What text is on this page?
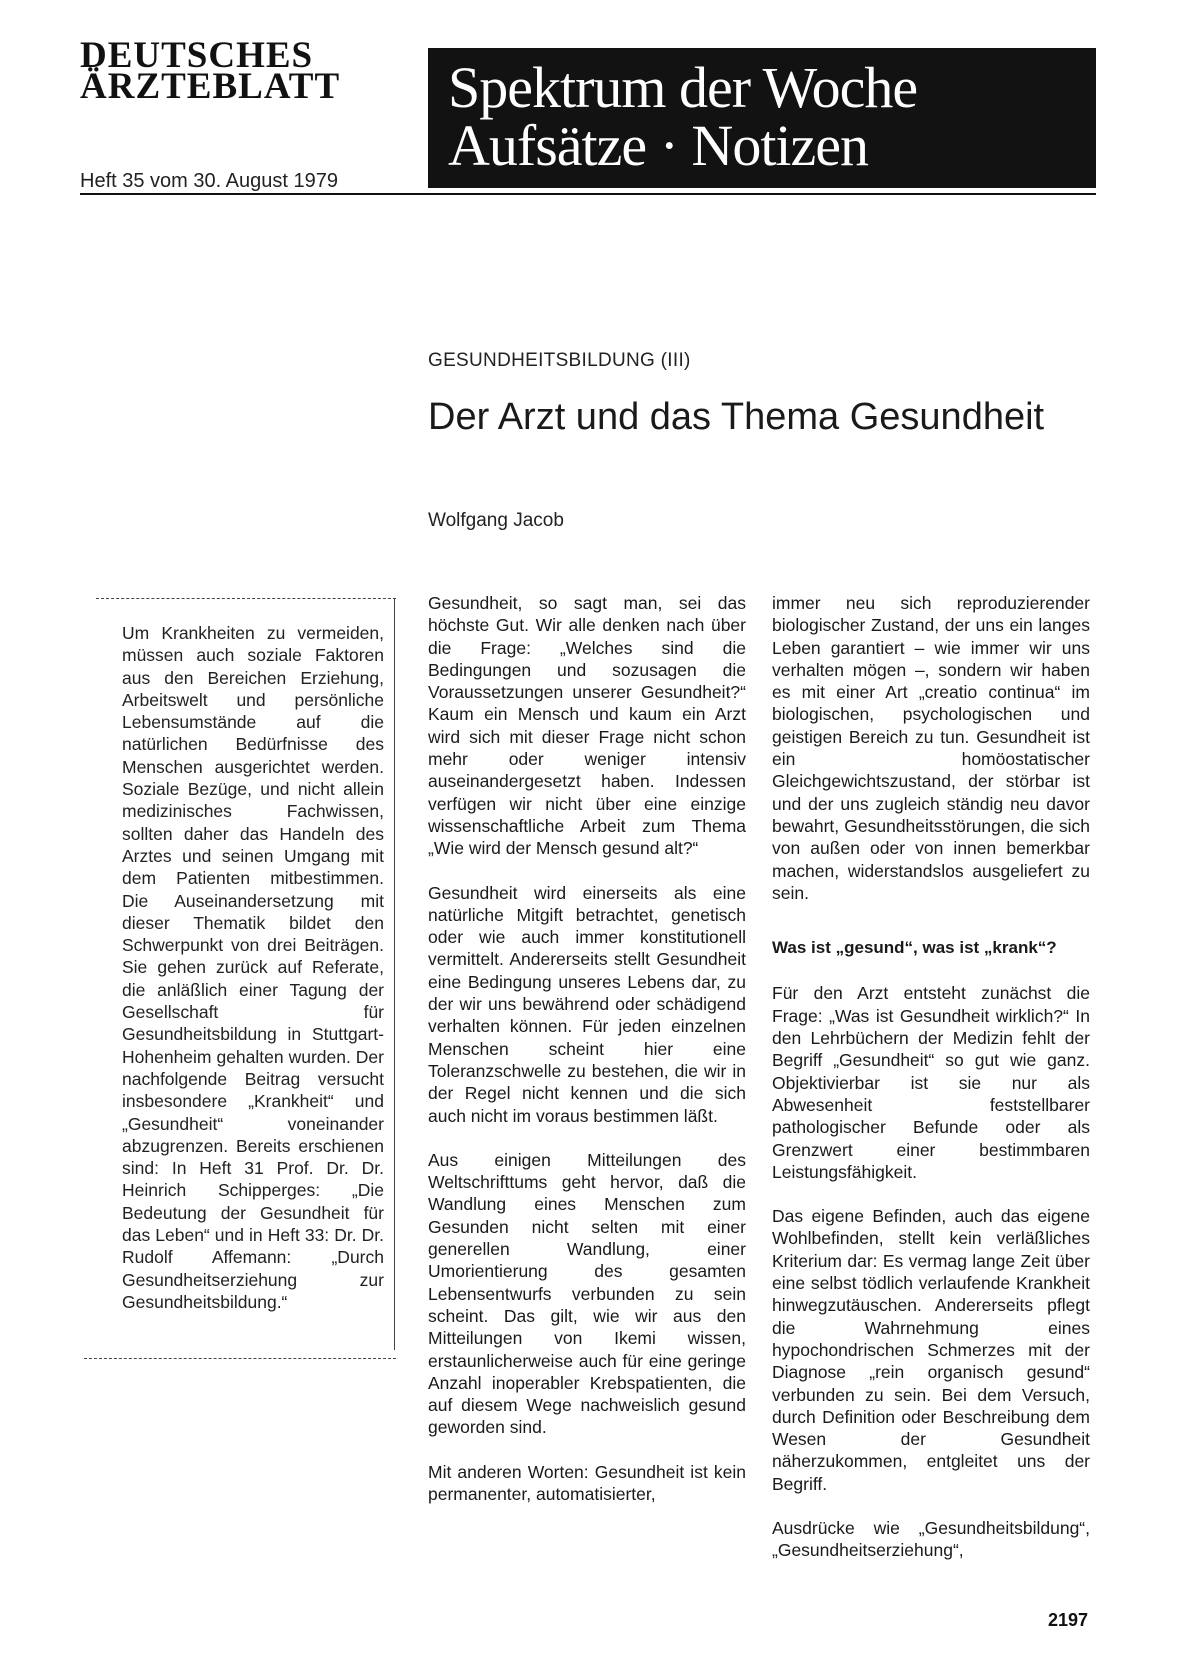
DEUTSCHES
ÄRZTEBLATT
Heft 35 vom 30. August 1979
Spektrum der Woche
Aufsätze · Notizen
GESUNDHEITSBILDUNG (III)
Der Arzt und das Thema Gesundheit
Wolfgang Jacob

Um Krankheiten zu vermeiden, müssen auch soziale Faktoren aus den Bereichen Erziehung, Arbeitswelt und persönliche Lebensumstände auf die natürlichen Bedürfnisse des Menschen ausgerichtet werden. Soziale Bezüge, und nicht allein medizinisches Fachwissen, sollten daher das Handeln des Arztes und seinen Umgang mit dem Patienten mitbestimmen. Die Auseinandersetzung mit dieser Thematik bildet den Schwerpunkt von drei Beiträgen. Sie gehen zurück auf Referate, die anläßlich einer Tagung der Gesellschaft für Gesundheitsbildung in Stuttgart-Hohenheim gehalten wurden. Der nachfolgende Beitrag versucht insbesondere „Krankheit“ und „Gesundheit“ voneinander abzugrenzen. Bereits erschienen sind: In Heft 31 Prof. Dr. Dr. Heinrich Schipperges: „Die Bedeutung der Gesundheit für das Leben“ und in Heft 33: Dr. Dr. Rudolf Affemann: „Durch Gesundheitserziehung zur Gesundheitsbildung.“

Gesundheit, so sagt man, sei das höchste Gut. Wir alle denken nach über die Frage: „Welches sind die Bedingungen und sozusagen die Voraussetzungen unserer Gesundheit?“ Kaum ein Mensch und kaum ein Arzt wird sich mit dieser Frage nicht schon mehr oder weniger intensiv auseinandergesetzt haben. Indessen verfügen wir nicht über eine einzige wissenschaftliche Arbeit zum Thema „Wie wird der Mensch gesund alt?“

Gesundheit wird einerseits als eine natürliche Mitgift betrachtet, genetisch oder wie auch immer konstitutionell vermittelt. Andererseits stellt Gesundheit eine Bedingung unseres Lebens dar, zu der wir uns bewährend oder schädigend verhalten können. Für jeden einzelnen Menschen scheint hier eine Toleranzschwelle zu bestehen, die wir in der Regel nicht kennen und die sich auch nicht im voraus bestimmen läßt.

Aus einigen Mitteilungen des Weltschrifttums geht hervor, daß die Wandlung eines Menschen zum Gesunden nicht selten mit einer generellen Wandlung, einer Umorientierung des gesamten Lebensentwurfs verbunden zu sein scheint. Das gilt, wie wir aus den Mitteilungen von Ikemi wissen, erstaunlicherweise auch für eine geringe Anzahl inoperabler Krebspatienten, die auf diesem Wege nachweislich gesund geworden sind.

Mit anderen Worten: Gesundheit ist kein permanenter, automatisierter,

immer neu sich reproduzierender biologischer Zustand, der uns ein langes Leben garantiert – wie immer wir uns verhalten mögen –, sondern wir haben es mit einer Art „creatio continua“ im biologischen, psychologischen und geistigen Bereich zu tun. Gesundheit ist ein homöostatischer Gleichgewichtszustand, der störbar ist und der uns zugleich ständig neu davor bewahrt, Gesundheitsstörungen, die sich von außen oder von innen bemerkbar machen, widerstandslos ausgeliefert zu sein.

Was ist „gesund“, was ist „krank“?

Für den Arzt entsteht zunächst die Frage: „Was ist Gesundheit wirklich?“ In den Lehrbüchern der Medizin fehlt der Begriff „Gesundheit“ so gut wie ganz. Objektivierbar ist sie nur als Abwesenheit feststellbarer pathologischer Befunde oder als Grenzwert einer bestimmbaren Leistungsfähigkeit.

Das eigene Befinden, auch das eigene Wohlbefinden, stellt kein verläßliches Kriterium dar: Es vermag lange Zeit über eine selbst tödlich verlaufende Krankheit hinwegzutäuschen. Andererseits pflegt die Wahrnehmung eines hypochondrischen Schmerzes mit der Diagnose „rein organisch gesund“ verbunden zu sein. Bei dem Versuch, durch Definition oder Beschreibung dem Wesen der Gesundheit näherzukommen, entgleitet uns der Begriff.

Ausdrücke wie „Gesundheitsbildung“, „Gesundheitserziehung“,

2197
